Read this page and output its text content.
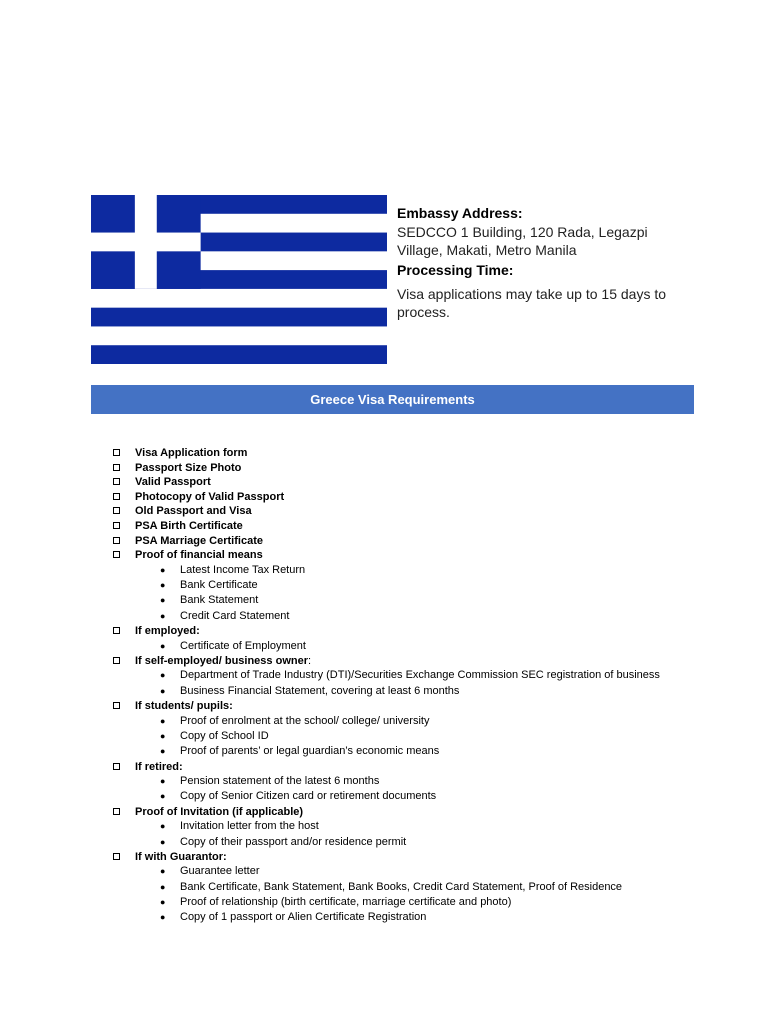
Embassy Address:
SEDCCO 1 Building, 120 Rada, Legazpi Village, Makati, Metro Manila
Processing Time:
Visa applications may take up to 15 days to process.
Greece Visa Requirements
Visa Application form
Passport Size Photo
Valid Passport
Photocopy of Valid Passport
Old Passport and Visa
PSA Birth Certificate
PSA Marriage Certificate
Proof of financial means
● Latest Income Tax Return
● Bank Certificate
● Bank Statement
● Credit Card Statement
If employed:
● Certificate of Employment
If self-employed/ business owner:
● Department of Trade Industry (DTI)/Securities Exchange Commission SEC registration of business
● Business Financial Statement, covering at least 6 months
If students/ pupils:
● Proof of enrolment at the school/ college/ university
● Copy of School ID
● Proof of parents’ or legal guardian’s economic means
If retired:
● Pension statement of the latest 6 months
● Copy of Senior Citizen card or retirement documents
Proof of Invitation (if applicable)
● Invitation letter from the host
● Copy of their passport and/or residence permit
If with Guarantor:
● Guarantee letter
● Bank Certificate, Bank Statement, Bank Books, Credit Card Statement, Proof of Residence
● Proof of relationship (birth certificate, marriage certificate and photo)
● Copy of 1 passport or Alien Certificate Registration
